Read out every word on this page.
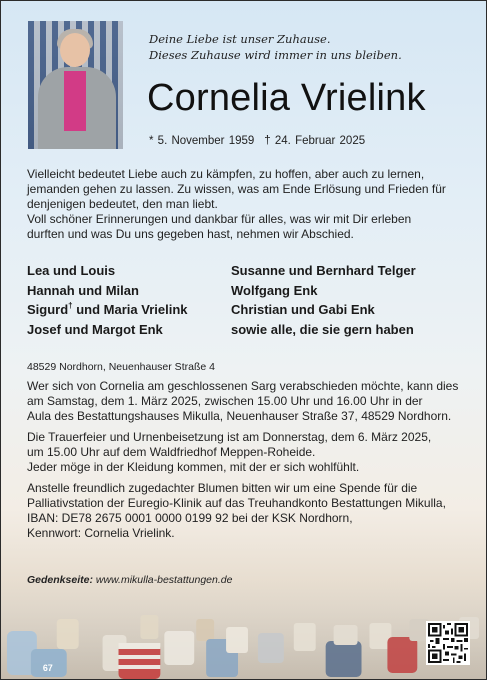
Deine Liebe ist unser Zuhause.
Dieses Zuhause wird immer in uns bleiben.
Cornelia Vrielink
* 5. November 1959 † 24. Februar 2025

Vielleicht bedeutet Liebe auch zu kämpfen, zu hoffen, aber auch zu lernen,

jemanden gehen zu lassen. Zu wissen, was am Ende Erlösung und Frieden für

denjenigen bedeutet, den man liebt.

Voll schöner Erinnerungen und dankbar für alles, was wir mit Dir erleben

durften und was Du uns gegeben hast, nehmen wir Abschied.

Lea und Louis
Hannah und Milan
Sigurd† und Maria Vrielink
Josef und Margot Enk
Susanne und Bernhard Telger
Wolfgang Enk
Christian und Gabi Enk
sowie alle, die sie gern haben
48529 Nordhorn, Neuenhauser Straße 4

Wer sich von Cornelia am geschlossenen Sarg verabschieden möchte, kann dies
am Samstag, dem 1. März 2025, zwischen 15.00 Uhr und 16.00 Uhr in der
Aula des Bestattungshauses Mikulla, Neuenhauser Straße 37, 48529 Nordhorn.

Die Trauerfeier und Urnenbeisetzung ist am Donnerstag, dem 6. März 2025,
um 15.00 Uhr auf dem Waldfriedhof Meppen-Roheide.
Jeder möge in der Kleidung kommen, mit der er sich wohlfühlt.

Anstelle freundlich zugedachter Blumen bitten wir um eine Spende für die
Palliativstation der Euregio-Klinik auf das Treuhandkonto Bestattungen Mikulla,
IBAN: DE78 2675 0001 0000 0199 92 bei der KSK Nordhorn,
Kennwort: Cornelia Vrielink.

67
